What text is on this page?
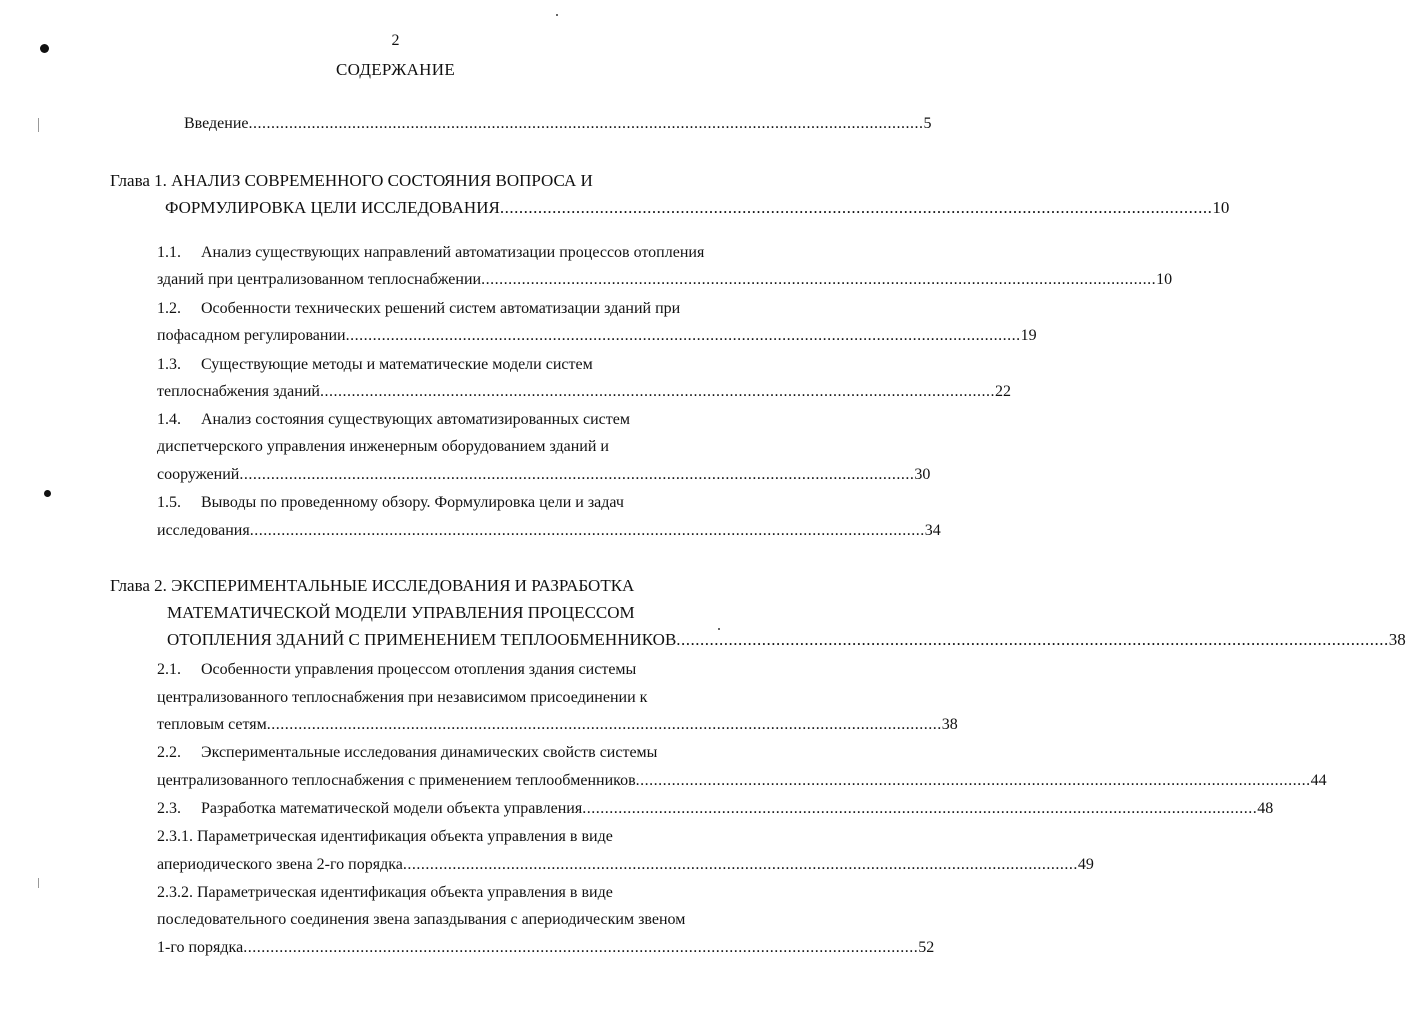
2
СОДЕРЖАНИЕ
Введение ...................................................................................................................................................... 5
Глава 1. АНАЛИЗ СОВРЕМЕННОГО СОСТОЯНИЯ ВОПРОСА И
ФОРМУЛИРОВКА ЦЕЛИ ИССЛЕДОВАНИЯ ...................................................................................................................................................... 10
1.1. Анализ существующих направлений автоматизации процессов отопления
зданий при централизованном теплоснабжении ...................................................................................................................................................... 10
1.2. Особенности технических решений систем автоматизации зданий при
пофасадном регулировании ...................................................................................................................................................... 19
1.3. Существующие методы и математические модели систем
теплоснабжения зданий ...................................................................................................................................................... 22
1.4. Анализ состояния существующих автоматизированных систем
диспетчерского управления инженерным оборудованием зданий и
сооружений ...................................................................................................................................................... 30
1.5. Выводы по проведенному обзору. Формулировка цели и задач
исследования ...................................................................................................................................................... 34
Глава 2. ЭКСПЕРИМЕНТАЛЬНЫЕ ИССЛЕДОВАНИЯ И РАЗРАБОТКА
МАТЕМАТИЧЕСКОЙ МОДЕЛИ УПРАВЛЕНИЯ ПРОЦЕССОМ
ОТОПЛЕНИЯ ЗДАНИЙ С ПРИМЕНЕНИЕМ ТЕПЛООБМЕННИКОВ ...................................................................................................................................................... 38
2.1. Особенности управления процессом отопления здания системы
централизованного теплоснабжения при независимом присоединении к
тепловым сетям ...................................................................................................................................................... 38
2.2. Экспериментальные исследования динамических свойств системы
централизованного теплоснабжения с применением теплообменников ...................................................................................................................................................... 44
2.3. Разработка математической модели объекта управления ...................................................................................................................................................... 48
2.3.1. Параметрическая идентификация объекта управления в виде
апериодического звена 2-го порядка ...................................................................................................................................................... 49
2.3.2. Параметрическая идентификация объекта управления в виде
последовательного соединения звена запаздывания с апериодическим звеном
1-го порядка ...................................................................................................................................................... 52
